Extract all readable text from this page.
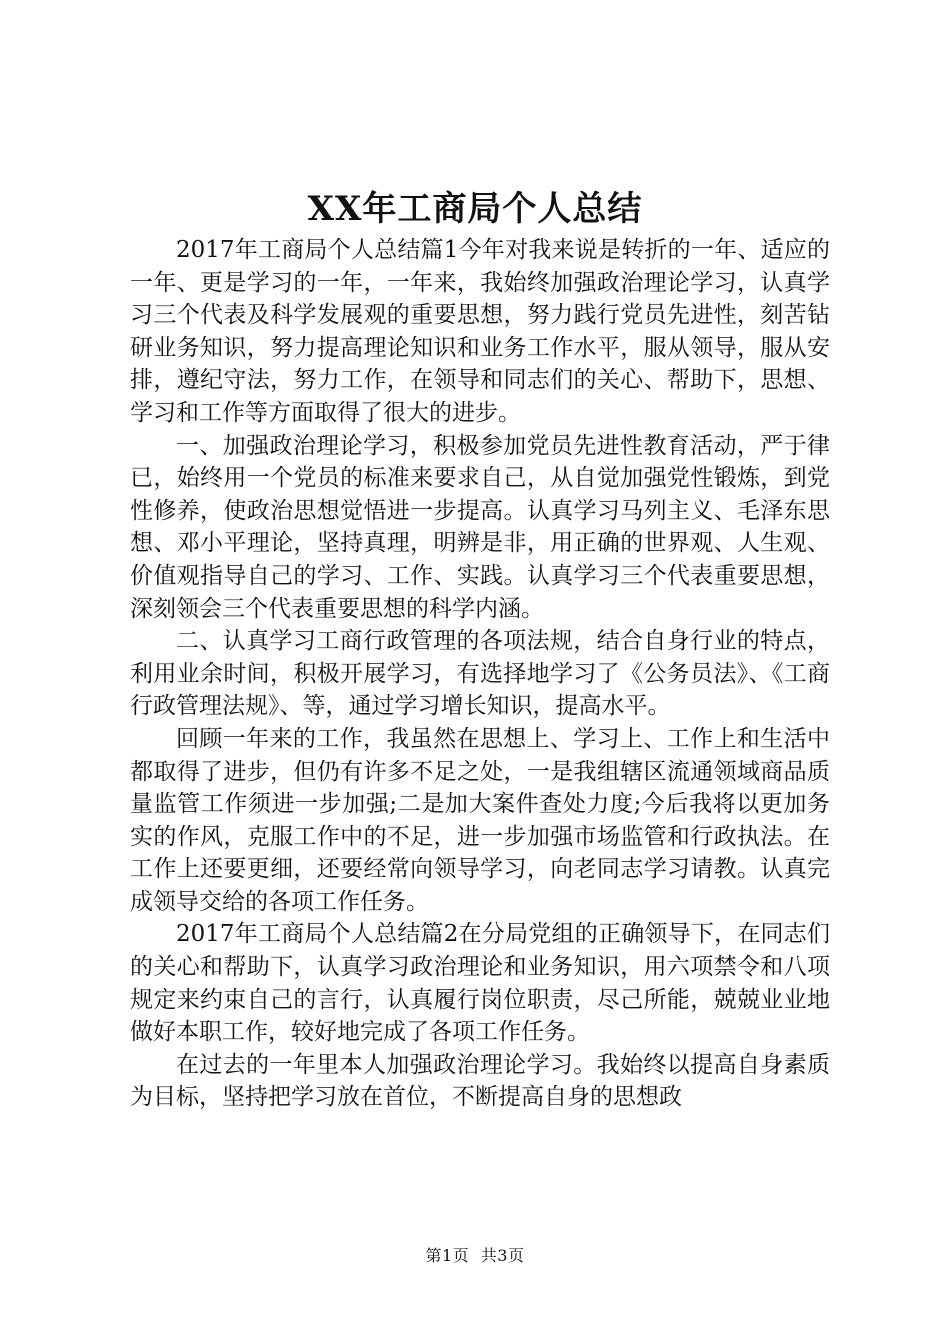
XX年工商局个人总结

2017年工商局个人总结篇1今年对我来说是转折的一年、适应的一年、更是学习的一年，一年来，我始终加强政治理论学习，认真学习三个代表及科学发展观的重要思想，努力践行党员先进性，刻苦钻研业务知识，努力提高理论知识和业务工作水平，服从领导，服从安排，遵纪守法，努力工作，在领导和同志们的关心、帮助下，思想、学习和工作等方面取得了很大的进步。

一、加强政治理论学习，积极参加党员先进性教育活动，严于律已，始终用一个党员的标准来要求自己，从自觉加强党性锻炼，到党性修养，使政治思想觉悟进一步提高。认真学习马列主义、毛泽东思想、邓小平理论，坚持真理，明辨是非，用正确的世界观、人生观、价值观指导自己的学习、工作、实践。认真学习三个代表重要思想，深刻领会三个代表重要思想的科学内涵。

二、认真学习工商行政管理的各项法规，结合自身行业的特点，利用业余时间，积极开展学习，有选择地学习了《公务员法》、《工商行政管理法规》、等，通过学习增长知识，提高水平。

回顾一年来的工作，我虽然在思想上、学习上、工作上和生活中都取得了进步，但仍有许多不足之处，一是我组辖区流通领域商品质量监管工作须进一步加强;二是加大案件查处力度;今后我将以更加务实的作风，克服工作中的不足，进一步加强市场监管和行政执法。在工作上还要更细，还要经常向领导学习，向老同志学习请教。认真完成领导交给的各项工作任务。

2017年工商局个人总结篇2在分局党组的正确领导下，在同志们的关心和帮助下，认真学习政治理论和业务知识，用六项禁令和八项规定来约束自己的言行，认真履行岗位职责，尽己所能，兢兢业业地做好本职工作，较好地完成了各项工作任务。

在过去的一年里本人加强政治理论学习。我始终以提高自身素质为目标，坚持把学习放在首位，不断提高自身的思想政

第1页 共3页
